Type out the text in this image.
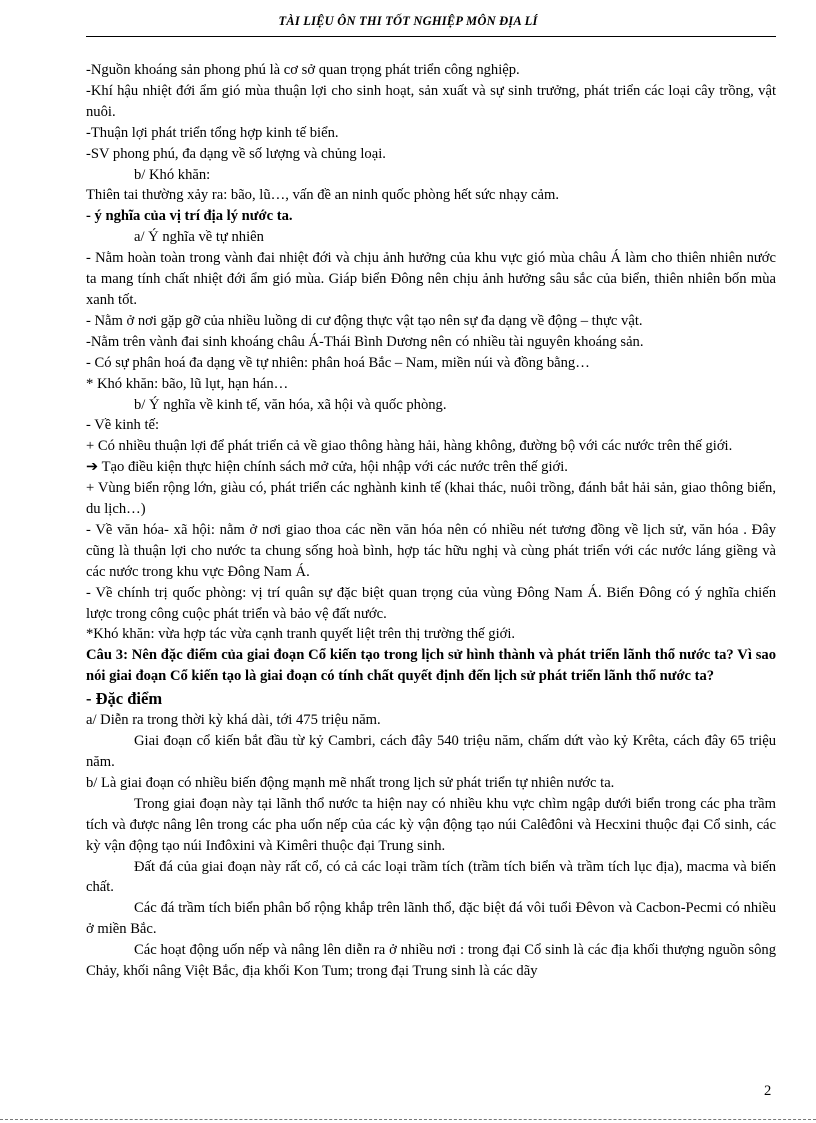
TÀI LIỆU ÔN THI TỐT NGHIỆP MÔN ĐỊA LÍ

-Nguồn khoáng sản phong phú là cơ sở quan trọng phát triển công nghiệp.

-Khí hậu nhiệt đới ẩm gió mùa thuận lợi cho sinh hoạt, sản xuất và sự sinh trưởng, phát triển các loại cây trồng, vật nuôi.

-Thuận lợi phát triển tổng hợp kinh tế biển.

-SV phong phú, đa dạng về số lượng và chủng loại.

b/ Khó khăn:

Thiên tai thường xảy ra: bão, lũ…, vấn đề an ninh quốc phòng hết sức nhạy cảm.

- ý nghĩa của vị trí địa lý nước ta.

a/ Ý nghĩa về tự nhiên

- Nằm hoàn toàn trong vành đai nhiệt đới và chịu ảnh hưởng của khu vực gió mùa châu Á làm cho thiên nhiên nước ta mang tính chất nhiệt đới ẩm gió mùa. Giáp biển Đông nên chịu ảnh hưởng sâu sắc của biển, thiên nhiên bốn mùa xanh tốt.

- Nằm ở nơi gặp gỡ của nhiều luồng di cư động thực vật tạo nên sự đa dạng về động – thực vật.

-Nằm trên vành đai sinh khoáng châu Á-Thái Bình Dương nên có nhiều tài nguyên khoáng sản.

- Có sự phân hoá đa dạng về tự nhiên: phân hoá Bắc – Nam, miền núi và đồng bằng…

* Khó khăn: bão, lũ lụt, hạn hán…

b/ Ý nghĩa về kinh tế, văn hóa, xã hội và quốc phòng.

- Về kinh tế:

+ Có nhiều thuận lợi để phát triển cả về giao thông hàng hải, hàng không, đường bộ với các nước trên thế giới.

➔ Tạo điều kiện thực hiện chính sách mở cửa, hội nhập với các nước trên thế giới.

+ Vùng biển rộng lớn, giàu có, phát triển các nghành kinh tế (khai thác, nuôi trồng, đánh bắt hải sản, giao thông biển, du lịch…)

- Về văn hóa- xã hội: nằm ở nơi giao thoa các nền văn hóa nên có nhiều nét tương đồng về lịch sử, văn hóa . Đây cũng là thuận lợi cho nước ta chung sống hoà bình, hợp tác hữu nghị và cùng phát triển với các nước láng giềng và các nước trong khu vực Đông Nam Á.

- Về chính trị quốc phòng: vị trí quân sự đặc biệt quan trọng của vùng Đông Nam Á. Biển Đông có ý nghĩa chiến lược trong công cuộc phát triển và bảo vệ đất nước.

*Khó khăn: vừa hợp tác vừa cạnh tranh quyết liệt trên thị trường thế giới.

Câu 3: Nên đặc điểm của giai đoạn Cổ kiến tạo trong lịch sử hình thành và phát triển lãnh thổ nước ta? Vì sao nói giai đoạn Cổ kiến tạo là giai đoạn có tính chất quyết định đến lịch sử phát triển lãnh thổ nước ta?

- Đặc điểm

a/ Diễn ra trong thời kỳ khá dài, tới 475 triệu năm.

Giai đoạn cổ kiến bắt đầu từ kỷ Cambri, cách đây 540 triệu năm, chấm dứt vào kỷ Krêta, cách đây 65 triệu năm.

b/ Là giai đoạn có nhiều biến động mạnh mẽ nhất trong lịch sử phát triển tự nhiên nước ta.

Trong giai đoạn này tại lãnh thổ nước ta hiện nay có nhiều khu vực chìm ngập dưới biển trong các pha trầm tích và được nâng lên trong các pha uốn nếp của các kỳ vận động tạo núi Calêđôni và Hecxini thuộc đại Cổ sinh, các kỳ vận động tạo núi Inđôxini và Kimêri thuộc đại Trung sinh.

Đất đá của giai đoạn này rất cổ, có cả các loại trầm tích (trầm tích biển và trầm tích lục địa), macma và biến chất.

Các đá trầm tích biển phân bố rộng khắp trên lãnh thổ, đặc biệt đá vôi tuổi Đêvon và Cacbon-Pecmi có nhiều ở miền Bắc.

Các hoạt động uốn nếp và nâng lên diễn ra ở nhiều nơi : trong đại Cổ sinh là các địa khối thượng nguồn sông Chảy, khối nâng Việt Bắc, địa khối Kon Tum; trong đại Trung sinh là các dãy

2
